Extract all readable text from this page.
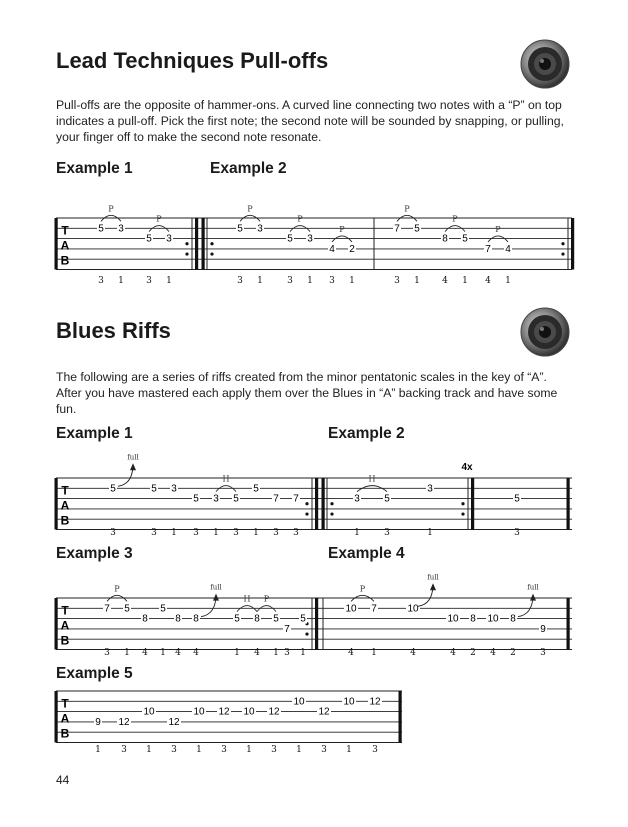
Lead Techniques Pull-offs

Pull-offs are the opposite of hammer-ons. A curved line connecting two notes with a “P” on top indicates a pull-off. Pick the first note; the second note will be sounded by snapping, or pulling, your finger off to make the second note resonate.

Example 1	Example 2
Blues Riffs

The following are a series of riffs created from the minor pentatonic scales in the key of “A”. After you have mastered each apply them over the Blues in “A” backing track and have some fun.

Example 1	Example 2
Example 3	Example 4
Example 5
44
T
A
B
5 3
5 3
5 3
5 3
4 2
7 5
8 5
7 4
P
P
P
P
P
P
P
P
3 1 3 1	3 1	3 1 3 1	3 1 4 1 4 1
T
A
B
5	5 3
5 3 5
5
7 7	3 5
3
5
H	H
full
3	3 1 3 1 3 1 3 3	1	3	1	3
T
A
B
7 5
8
5
8 8	5 8 5
7
5
10 7	10
10 8 10 8
9
P
H P
P
full
full
full
3 1 4 1 4 4	1 4 1 3 1	4 1	4	4 2 4 2	3
T
A
B
9 12
10
12
10 12 10 12
10
12
10 12
1 3 1 3 1 3 1 3 1 3 1 3
4x
